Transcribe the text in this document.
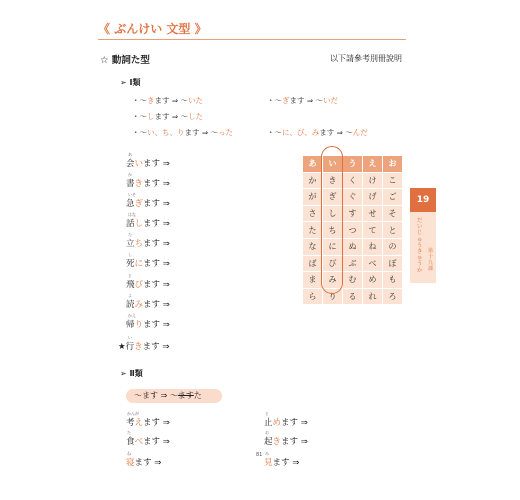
《 ぶんけい 文型 》
☆ 動詞た型	以下請參考別冊說明
➢ Ⅰ類
・～きます ⇒ ～いた	・～ぎます ⇒ ～いだ
・～します ⇒ ～した
・～い、ち、ります ⇒ ～った	・～に、び、みます ⇒ ～んだ
会います ⇒
あ
書きます ⇒
か
急ぎます ⇒
いそ
話します ⇒
はな
立ちます ⇒
た
死にます ⇒
し
飛びます ⇒
と
読みます ⇒
よ
帰ります ⇒
かえ
★行きます ⇒
い
あ	い	う	え	お
か	き	く	け	こ
が	ぎ	ぐ	げ	ご
さ	し	す	せ	そ
た	ち	つ	て	と
な	に	ぬ	ね	の
ば	び	ぶ	べ	ぼ
ま	み	む	め	も
ら	り	る	れ	ろ
19
だいじゅうきゅうか
第十九課
➢ Ⅱ類
～ます ⇒ ～ますた
考えます ⇒
かんが
止めます ⇒
と
食べます ⇒
た
起きます ⇒
お
寝ます ⇒
ね
見ます ⇒
み
81
